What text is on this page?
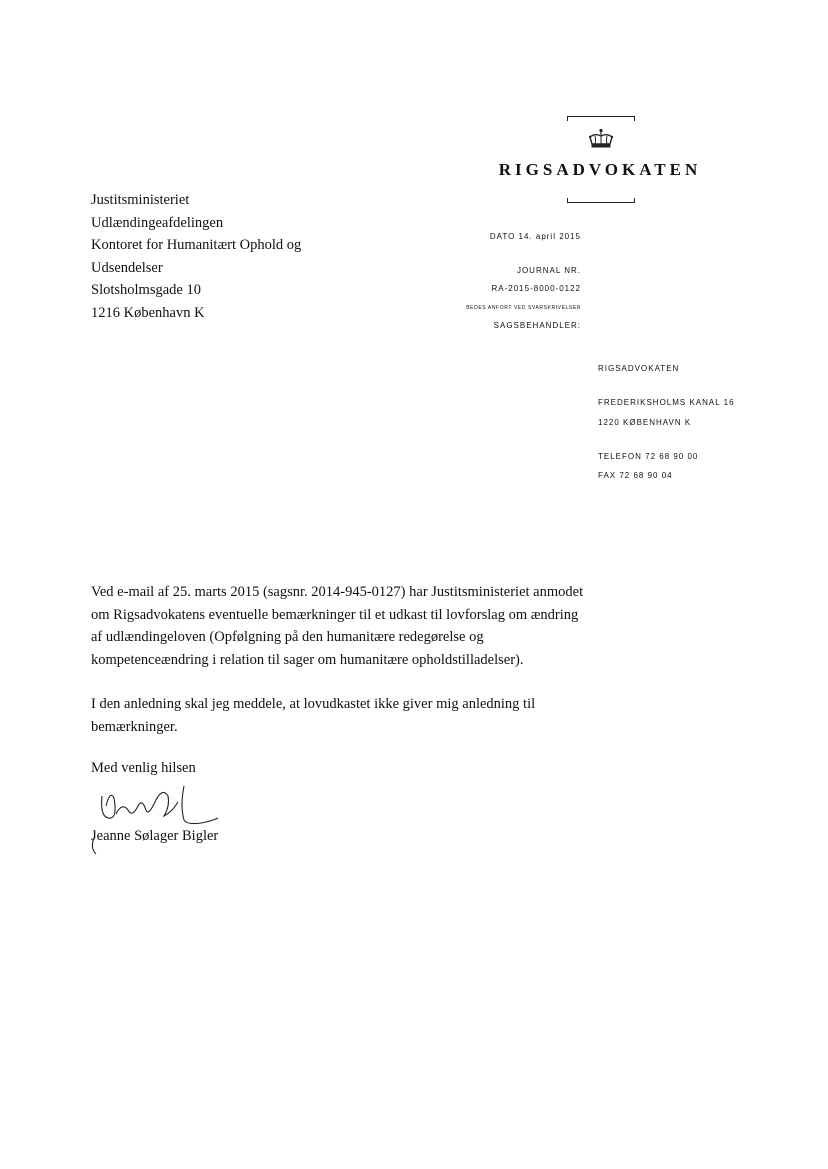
RIGSADVOKATEN
Justitsministeriet
Udlændingeafdelingen
Kontoret for Humanitært Ophold og
Udsendelser
Slotsholmsgade 10
1216 København K
DATO 14. april 2015
JOURNAL NR.
RA-2015-8000-0122
BEDES ANFORT VED SVARSKRIVELSER
SAGSBEHANDLER:
RIGSADVOKATEN
FREDERIKSHOLMS KANAL 16
1220 KØBENHAVN K
TELEFON 72 68 90 00
FAX 72 68 90 04
Ved e-mail af 25. marts 2015 (sagsnr. 2014-945-0127) har Justitsministeriet anmodet om Rigsadvokatens eventuelle bemærkninger til et udkast til lovforslag om ændring af udlændingeloven (Opfølgning på den humanitære redegørelse og kompetenceændring i relation til sager om humanitære opholdstilladelser).
I den anledning skal jeg meddele, at lovudkastet ikke giver mig anledning til bemærkninger.
Med venlig hilsen
Jeanne Sølager Bigler
